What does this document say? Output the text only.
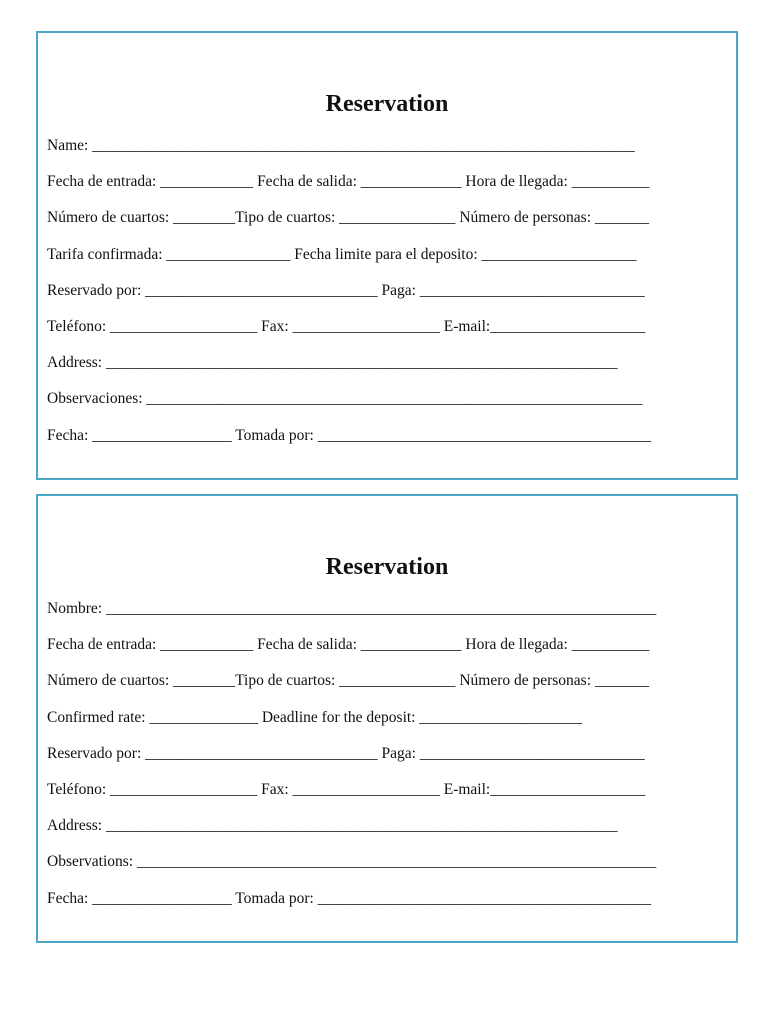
Reservation
Name: ______________________________________________________________________
Fecha de entrada: ____________ Fecha de salida: _____________ Hora de llegada: __________
Número de cuartos: ________Tipo de cuartos: _______________ Número de personas: _______
Tarifa confirmada: ________________ Fecha limite para el deposito: ____________________
Reservado por: ______________________________ Paga: _____________________________
Teléfono: ___________________ Fax: ___________________ E-mail:____________________
Address: __________________________________________________________________
Observaciones: ________________________________________________________________
Fecha: __________________ Tomada por: ___________________________________________
Reservation
Nombre: _______________________________________________________________________
Fecha de entrada: ____________ Fecha de salida: _____________ Hora de llegada: __________
Número de cuartos: ________Tipo de cuartos: _______________ Número de personas: _______
Confirmed rate: ______________ Deadline for the deposit: _____________________
Reservado por: ______________________________ Paga: _____________________________
Teléfono: ___________________ Fax: ___________________ E-mail:____________________
Address: __________________________________________________________________
Observations: ___________________________________________________________________
Fecha: __________________ Tomada por: ___________________________________________
